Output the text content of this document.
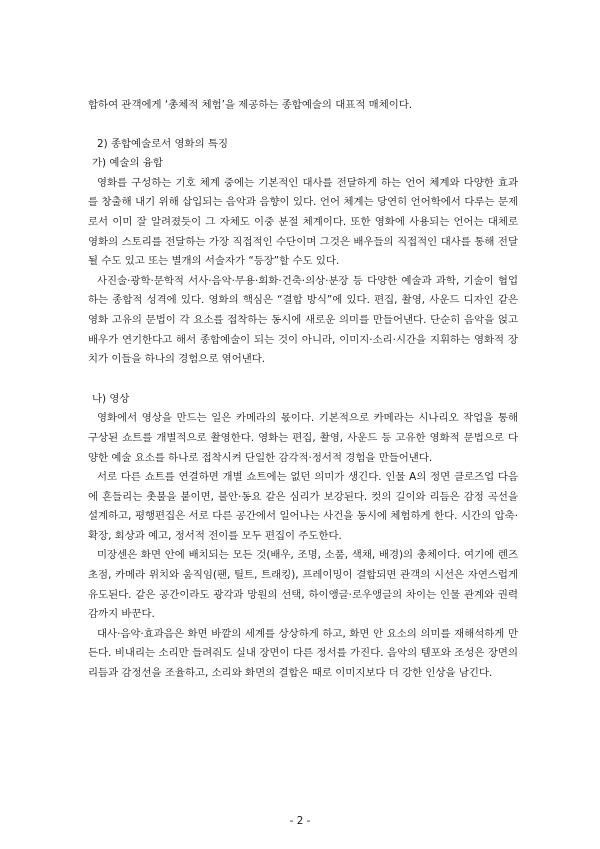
합하여 관객에게 ‘총체적 체험’을 제공하는 종합예술의 대표적 매체이다.

2) 종합예술로서 영화의 특징

가) 예술의 융합

영화를 구성하는 기호 체계 중에는 기본적인 대사를 전달하게 하는 언어 체계와 다양한 효과를 창출해 내기 위해 삽입되는 음악과 음향이 있다. 언어 체계는 당연히 언어학에서 다루는 문제로서 이미 잘 알려졌듯이 그 자체도 이중 분절 체계이다. 또한 영화에 사용되는 언어는 대체로 영화의 스토리를 전달하는 가장 직접적인 수단이며 그것은 배우들의 직접적인 대사를 통해 전달될 수도 있고 또는 별개의 서술자가 “등장”할 수도 있다.

사진술·광학·문학적 서사·음악·무용·회화·건축·의상·분장 등 다양한 예술과 과학, 기술이 협업하는 종합적 성격에 있다. 영화의 핵심은 “결합 방식”에 있다. 편집, 촬영, 사운드 디자인 같은 영화 고유의 문법이 각 요소를 접착하는 동시에 새로운 의미를 만들어낸다. 단순히 음악을 얹고 배우가 연기한다고 해서 종합예술이 되는 것이 아니라, 이미지·소리·시간을 지휘하는 영화적 장치가 이들을 하나의 경험으로 엮어낸다.

나) 영상

영화에서 영상을 만드는 일은 카메라의 몫이다. 기본적으로 카메라는 시나리오 작업을 통해 구상된 쇼트를 개별적으로 촬영한다. 영화는 편집, 촬영, 사운드 등 고유한 영화적 문법으로 다양한 예술 요소를 하나로 접착시켜 단일한 감각적·정서적 경험을 만들어낸다.

서로 다른 쇼트를 연결하면 개별 쇼트에는 없던 의미가 생긴다. 인물 A의 정면 클로즈업 다음에 흔들리는 촛불을 붙이면, 불안·동요 같은 심리가 보강된다. 컷의 길이와 리듬은 감정 곡선을 설계하고, 평행편집은 서로 다른 공간에서 일어나는 사건을 동시에 체험하게 한다. 시간의 압축·확장, 회상과 예고, 정서적 전이를 모두 편집이 주도한다.

미장센은 화면 안에 배치되는 모든 것(배우, 조명, 소품, 색채, 배경)의 총체이다. 여기에 렌즈 초점, 카메라 위치와 움직임(팬, 틸트, 트래킹), 프레이밍이 결합되면 관객의 시선은 자연스럽게 유도된다. 같은 공간이라도 광각과 망원의 선택, 하이앵글·로우앵글의 차이는 인물 관계와 권력감까지 바꾼다.

대사·음악·효과음은 화면 바깥의 세계를 상상하게 하고, 화면 안 요소의 의미를 재해석하게 만든다. 비내리는 소리만 들려줘도 실내 장면이 다른 정서를 가진다. 음악의 템포와 조성은 장면의 리듬과 감정선을 조율하고, 소리와 화면의 결합은 때로 이미지보다 더 강한 인상을 남긴다.

- 2 -
